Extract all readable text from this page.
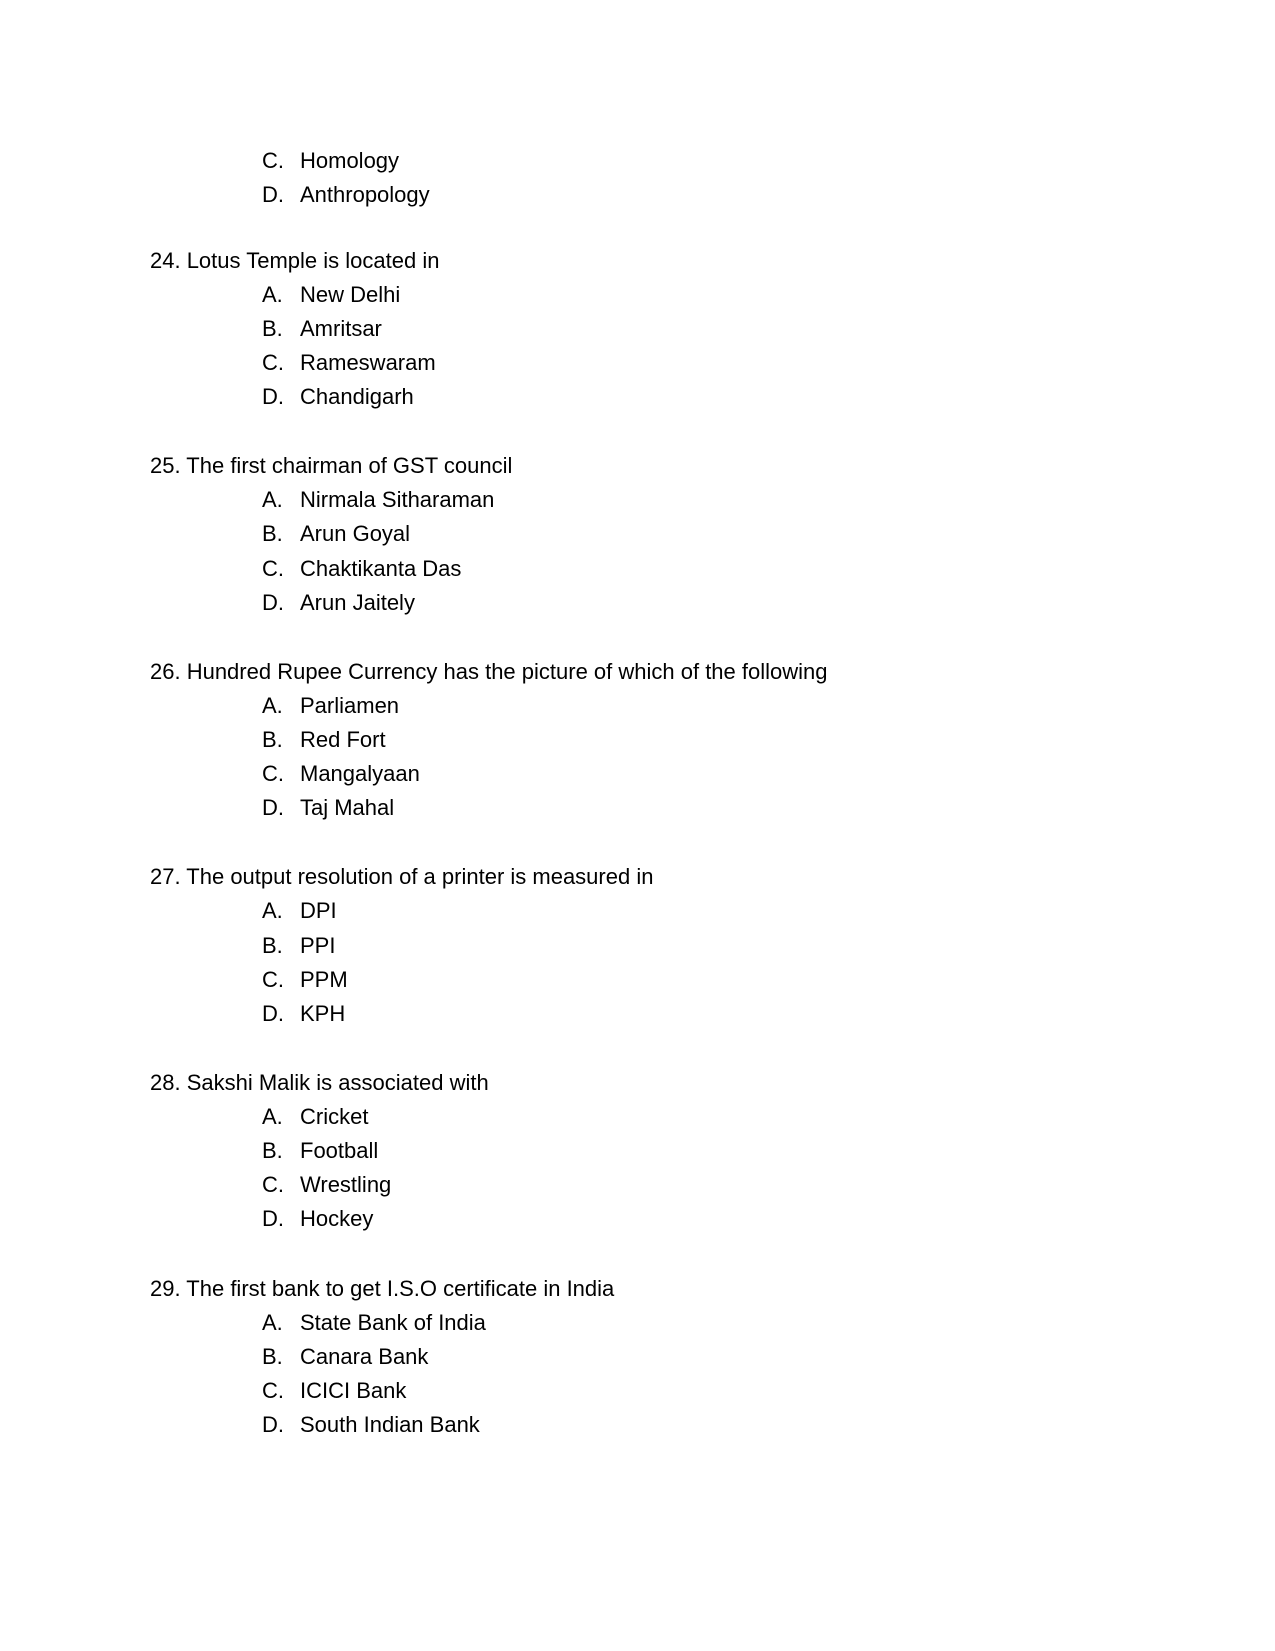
C. Homology
D. Anthropology
24. Lotus Temple is located in
A. New Delhi
B. Amritsar
C. Rameswaram
D. Chandigarh
25. The first chairman of GST council
A. Nirmala Sitharaman
B. Arun Goyal
C. Chaktikanta Das
D. Arun Jaitely
26. Hundred Rupee Currency has the picture of which of the following
A. Parliamen
B. Red Fort
C. Mangalyaan
D. Taj Mahal
27. The output resolution of a printer is measured in
A. DPI
B. PPI
C. PPM
D. KPH
28. Sakshi Malik is associated with
A. Cricket
B. Football
C. Wrestling
D. Hockey
29. The first bank to get I.S.O certificate in India
A. State Bank of India
B. Canara Bank
C. ICICI Bank
D. South Indian Bank
